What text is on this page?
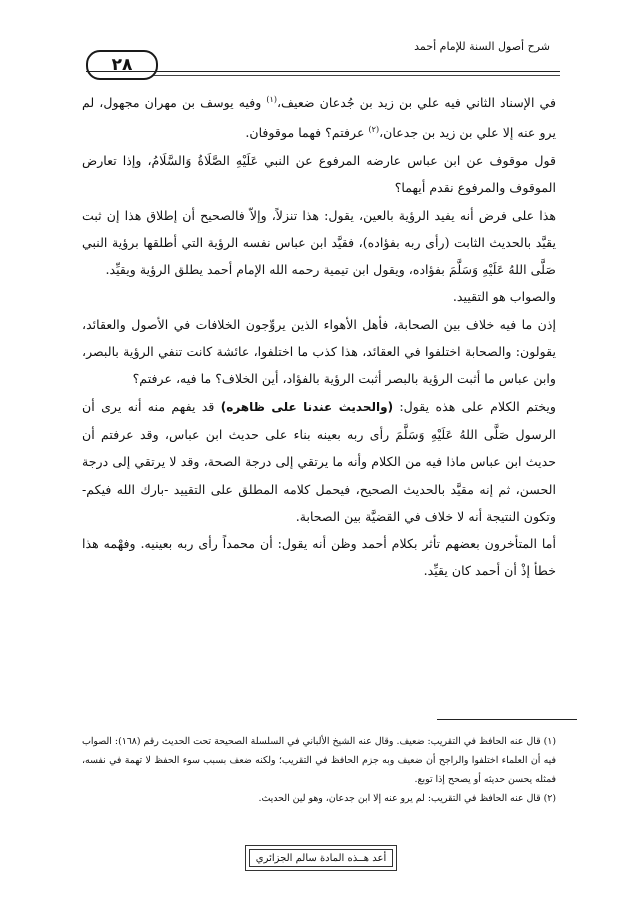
٢٨
شرح أصول السنة للإمام أحمد

في الإسناد الثاني فيه علي بن زيد بن جُدعان ضعيف،$^{(١)}$ وفيه يوسف بن مهران مجهول، لم يرو عنه إلا علي بن زيد بن جدعان،$^{(٢)}$ عرفتم؟ فهما موقوفان.

قول موقوف عن ابن عباس عارضه المرفوع عن النبي عَلَيْهِ الصَّلَاةُ وَالسَّلَامُ، وإذا تعارض الموقوف والمرفوع نقدم أيهما؟

هذا على فرض أنه يفيد الرؤية بالعين، يقول: هذا تنزلاً، وإلاّ فالصحيح أن إطلاق هذا إن ثبت يقيَّد بالحديث الثابت (رأى ربه بفؤاده)، فقيَّد ابن عباس نفسه الرؤية التي أطلقها برؤية النبي صَلَّى اللهُ عَلَيْهِ وَسَلَّمَ بفؤاده، ويقول ابن تيمية رحمه الله الإمام أحمد يطلق الرؤية ويقيِّد.

والصواب هو التقييد.

إذن ما فيه خلاف بين الصحابة، فأهل الأهواء الذين يروِّجون الخلافات في الأصول والعقائد، يقولون: والصحابة اختلفوا في العقائد، هذا كذب ما اختلفوا، عائشة كانت تنفي الرؤية بالبصر، وابن عباس ما أثبت الرؤية بالبصر أثبت الرؤية بالفؤاد، أين الخلاف؟ ما فيه، عرفتم؟

ويختم الكلام على هذه يقول: (والحديث عندنا على ظاهره) قد يفهم منه أنه يرى أن الرسول صَلَّى اللهُ عَلَيْهِ وَسَلَّمَ رأى ربه بعينه بناء على حديث ابن عباس، وقد عرفتم أن حديث ابن عباس ماذا فيه من الكلام وأنه ما يرتقي إلى درجة الصحة، وقد لا يرتقي إلى درجة الحسن، ثم إنه مقيَّد بالحديث الصحيح، فيحمل كلامه المطلق على التقييد -بارك الله فيكم- وتكون النتيجة أنه لا خلاف في القضيَّة بين الصحابة.

أما المتأخرون بعضهم تأثر بكلام أحمد وظن أنه يقول: أن محمداً رأى ربه بعينيه. وفهْمه هذا خطأ إذْ أن أحمد كان يقيِّد.

(١) قال عنه الحافظ في التقريب: ضعيف. وقال عنه الشيخ الألباني في السلسلة الصحيحة تحت الحديث رقم (١٦٨): الصواب فيه أن العلماء اختلفوا والراجح أن ضعيف وبه جزم الحافظ في التقريب؛ ولكنه ضعف بسبب سوء الحفظ لا تهمة في نفسه، فمثله يحسن حديثه أو يصحح إذا توبع.

(٢) قال عنه الحافظ في التقريب: لم يرو عنه إلا ابن جدعان، وهو لين الحديث.

أعد هــذه المادة سالم الجزائري
